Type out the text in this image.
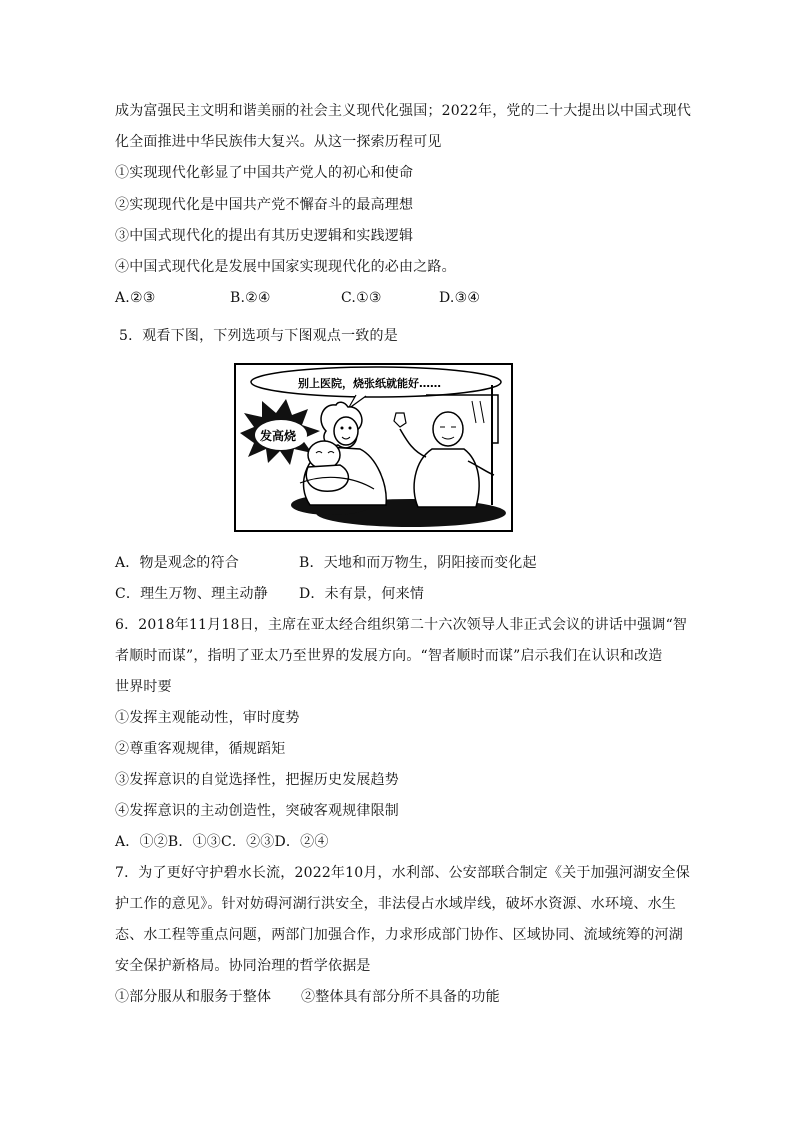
成为富强民主文明和谐美丽的社会主义现代化强国；2022年，党的二十大提出以中国式现代
化全面推进中华民族伟大复兴。从这一探索历程可见
①实现现代化彰显了中国共产党人的初心和使命
②实现现代化是中国共产党不懈奋斗的最高理想
③中国式现代化的提出有其历史逻辑和实践逻辑
④中国式现代化是发展中国家实现现代化的必由之路。
A.②③	B.②④	C.①③	D.③④
5．观看下图，下列选项与下图观点一致的是
别上医院，烧张纸就能好……
发高烧
A．物是观念的符合	B．天地和而万物生，阴阳接而变化起
C．理生万物、理主动静 D．未有景，何来情
6．2018年11月18日，主席在亚太经合组织第二十六次领导人非正式会议的讲话中强调“智
者顺时而谋”，指明了亚太乃至世界的发展方向。“智者顺时而谋”启示我们在认识和改造
世界时要
①发挥主观能动性，审时度势
②尊重客观规律，循规蹈矩
③发挥意识的自觉选择性，把握历史发展趋势
④发挥意识的主动创造性，突破客观规律限制
A．①②B．①③C．②③D．②④
7．为了更好守护碧水长流，2022年10月，水利部、公安部联合制定《关于加强河湖安全保
护工作的意见》。针对妨碍河湖行洪安全，非法侵占水域岸线，破坏水资源、水环境、水生
态、水工程等重点问题，两部门加强合作，力求形成部门协作、区域协同、流域统筹的河湖
安全保护新格局。协同治理的哲学依据是
①部分服从和服务于整体 ②整体具有部分所不具备的功能
